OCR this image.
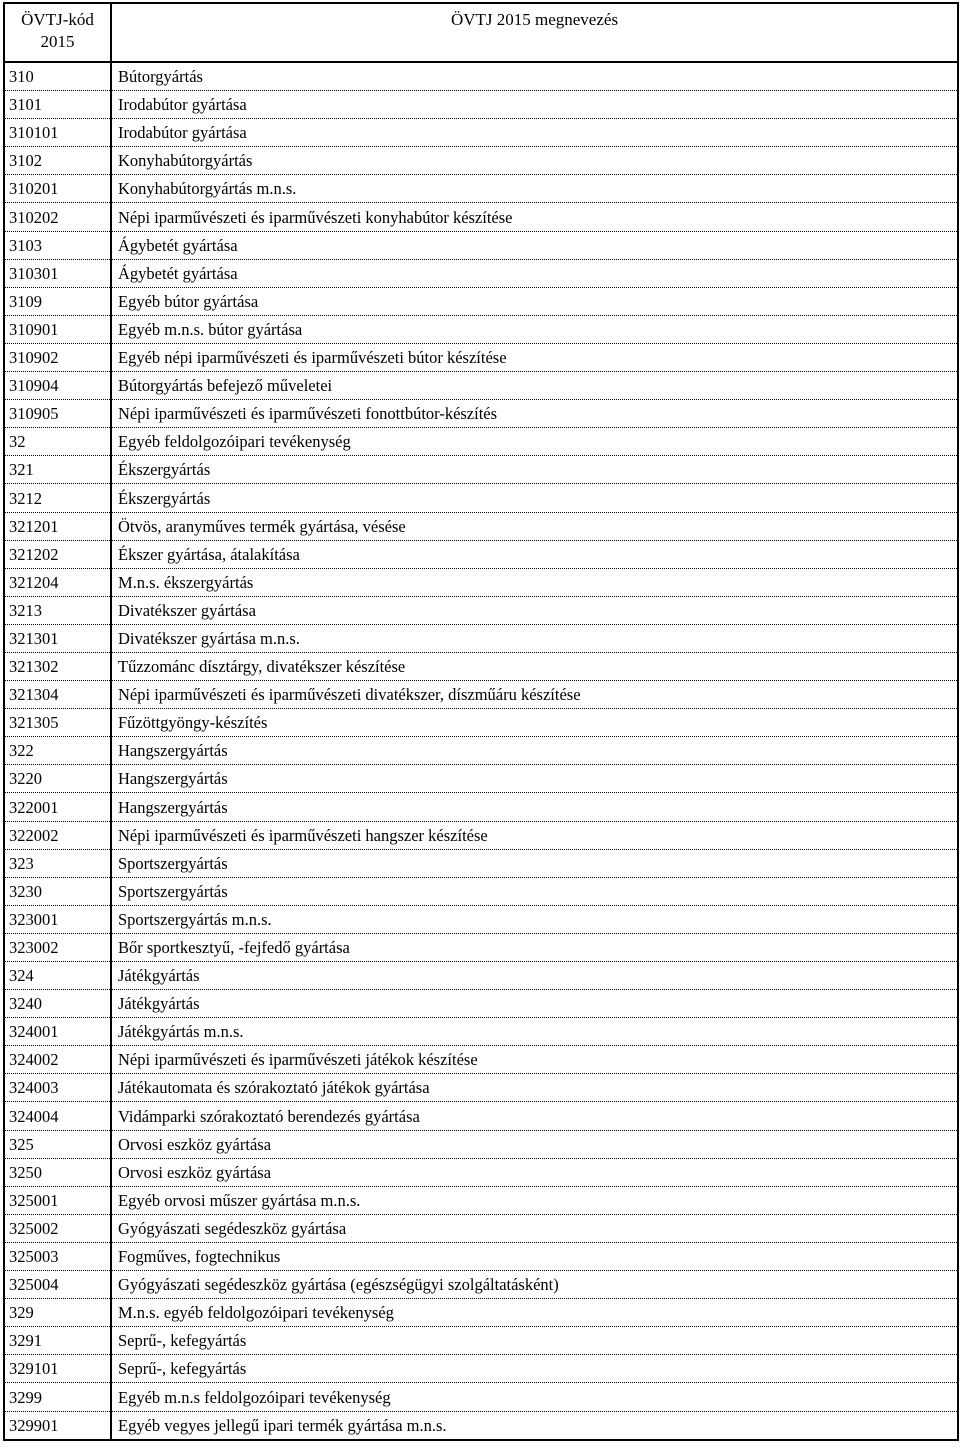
ÖVTJ-kód
2015	ÖVTJ 2015 megnevezés
310	Bútorgyártás
3101	Irodabútor gyártása
310101	Irodabútor gyártása
3102	Konyhabútorgyártás
310201	Konyhabútorgyártás m.n.s.
310202	Népi iparművészeti és iparművészeti konyhabútor készítése
3103	Ágybetét gyártása
310301	Ágybetét gyártása
3109	Egyéb bútor gyártása
310901	Egyéb m.n.s. bútor gyártása
310902	Egyéb népi iparművészeti és iparművészeti bútor készítése
310904	Bútorgyártás befejező műveletei
310905	Népi iparművészeti és iparművészeti fonottbútor-készítés
32	Egyéb feldolgozóipari tevékenység
321	Ékszergyártás
3212	Ékszergyártás
321201	Ötvös, aranyműves termék gyártása, vésése
321202	Ékszer gyártása, átalakítása
321204	M.n.s. ékszergyártás
3213	Divatékszer gyártása
321301	Divatékszer gyártása m.n.s.
321302	Tűzzománc dísztárgy, divatékszer készítése
321304	Népi iparművészeti és iparművészeti divatékszer, díszműáru készítése
321305	Fűzöttgyöngy-készítés
322	Hangszergyártás
3220	Hangszergyártás
322001	Hangszergyártás
322002	Népi iparművészeti és iparművészeti hangszer készítése
323	Sportszergyártás
3230	Sportszergyártás
323001	Sportszergyártás m.n.s.
323002	Bőr sportkesztyű, -fejfedő gyártása
324	Játékgyártás
3240	Játékgyártás
324001	Játékgyártás m.n.s.
324002	Népi iparművészeti és iparművészeti játékok készítése
324003	Játékautomata és szórakoztató játékok gyártása
324004	Vidámparki szórakoztató berendezés gyártása
325	Orvosi eszköz gyártása
3250	Orvosi eszköz gyártása
325001	Egyéb orvosi műszer gyártása m.n.s.
325002	Gyógyászati segédeszköz gyártása
325003	Fogműves, fogtechnikus
325004	Gyógyászati segédeszköz gyártása (egészségügyi szolgáltatásként)
329	M.n.s. egyéb feldolgozóipari tevékenység
3291	Seprű-, kefegyártás
329101	Seprű-, kefegyártás
3299	Egyéb m.n.s feldolgozóipari tevékenység
329901	Egyéb vegyes jellegű ipari termék gyártása m.n.s.
